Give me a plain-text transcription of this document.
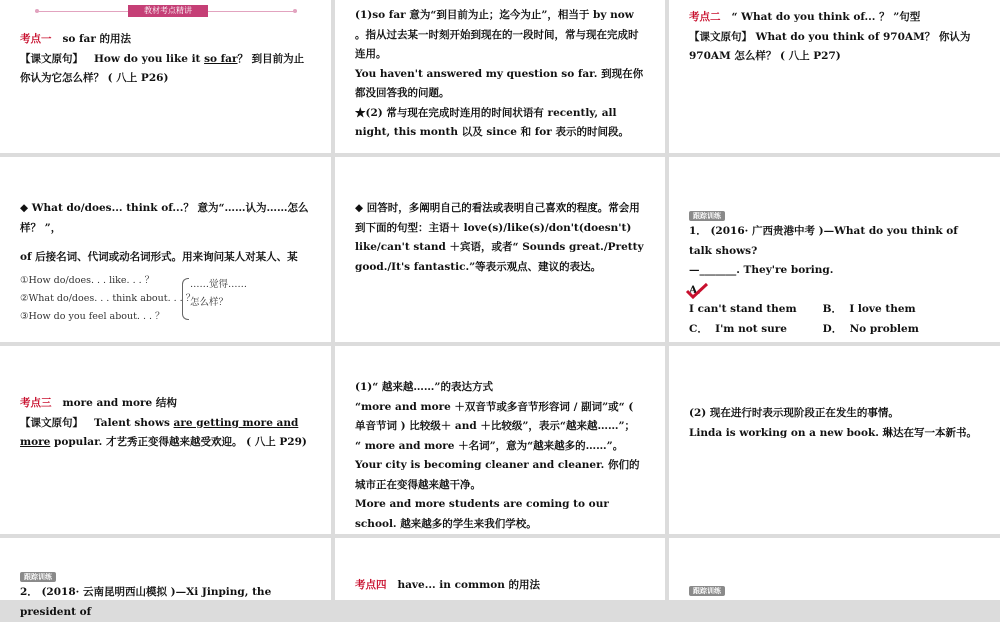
教材考点精讲

考点一 so far 的用法

【课文原句】 How do you like it so far？ 到目前为止你认为它怎么样？ ( 八上 P26)

(1)so far 意为“到目前为止；迄今为止”，相当于 by now

。指从过去某一时刻开始到现在的一段时间，常与现在完成时连用。

You haven't answered my question so far. 到现在你都没回答我的问题。

★(2) 常与现在完成时连用的时间状语有 recently, all night, this month 以及 since 和 for 表示的时间段。

考点二 “ What do you think of... ？ ”句型

【课文原句】 What do you think of 970AM？ 你认为970AM 怎么样？ ( 八上 P27)

◆ What do/does... think of...？ 意为“……认为……怎么样？ ”，

of 后接名词、代词或动名词形式。用来询问某人对某人、某

①How do/does. . . like. . . ？
②What do/does. . . think about. . . ？
③How do you feel about. . . ？
……觉得……
怎么样？

◆ 回答时，多阐明自己的看法或表明自己喜欢的程度。常会用到下面的句型：主语＋ love(s)/like(s)/don't(doesn't) like/can't stand ＋宾语，或者“ Sounds great./Pretty good./It's fantastic.”等表示观点、建议的表达。

跟踪训练

1． (2016· 广西贵港中考 )—What do you think of talk shows?

—_______. They're boring.

A．  I can't stand them B． I love them
C． I'm not sure	D． No problem

考点三 more and more 结构

【课文原句】 Talent shows are getting more and more popular. 才艺秀正变得越来越受欢迎。 ( 八上 P29)

(1)“ 越来越……”的表达方式

“more and more ＋双音节或多音节形容词 / 副词”或“ ( 单音节词 ) 比较级＋ and ＋比较级”，表示“越来越……”；

“ more and more ＋名词”，意为“越来越多的……”。

Your city is becoming cleaner and cleaner. 你们的城市正在变得越来越干净。

More and more students are coming to our school. 越来越多的学生来我们学校。

(2) 现在进行时表示现阶段正在发生的事情。

Linda is working on a new book. 琳达在写一本新书。

跟踪训练

2． (2018· 云南昆明西山模拟 )—Xi Jinping, the president of

考点四 have... in common 的用法	跟踪训练
